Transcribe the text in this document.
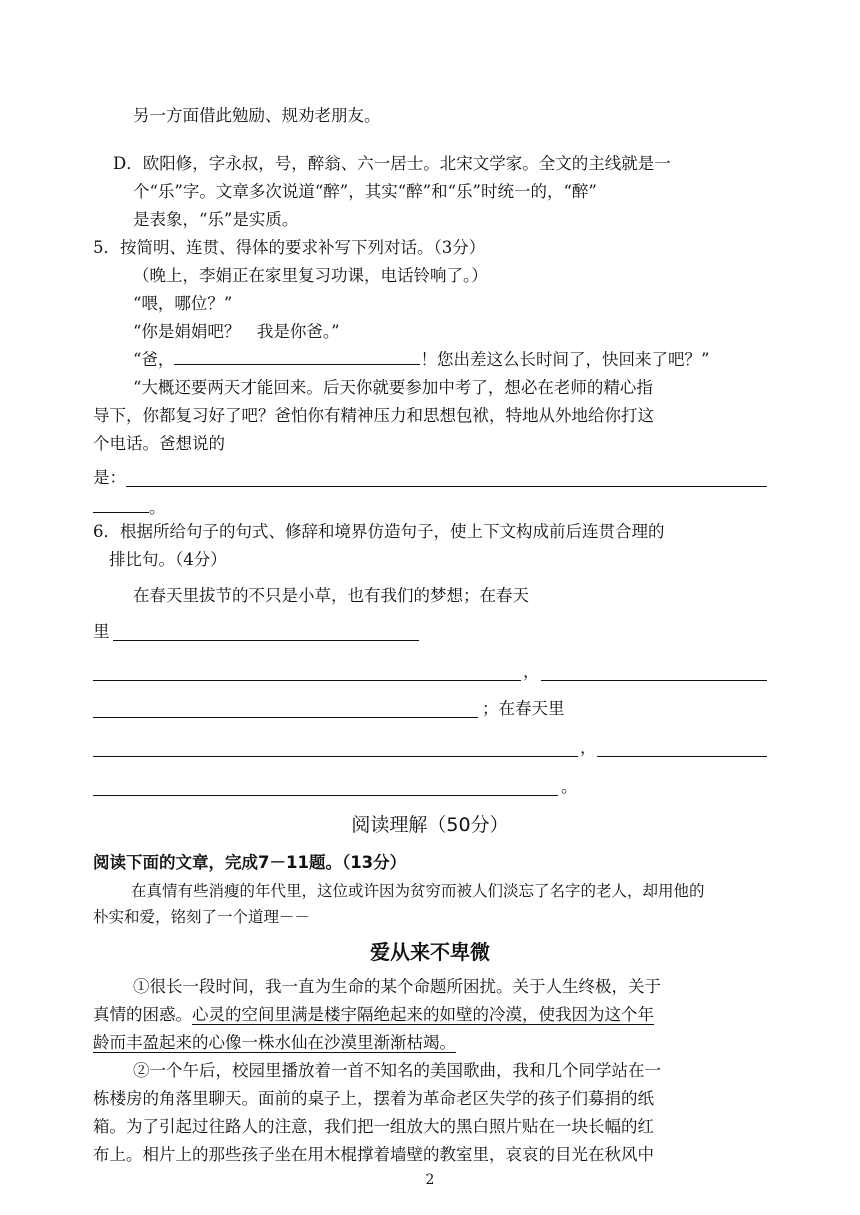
另一方面借此勉励、规劝老朋友。
D．欧阳修，字永叔，号，醉翁、六一居士。北宋文学家。全文的主线就是一
个“乐”字。文章多次说道“醉”，其实“醉”和“乐”时统一的，“醉”
是表象，“乐”是实质。
5．按简明、连贯、得体的要求补写下列对话。（3分）
（晚上，李娟正在家里复习功课，电话铃响了。）
“喂，哪位？”
“你是娟娟吧？　我是你爸。”
“爸，	！您出差这么长时间了，快回来了吧？”
“大概还要两天才能回来。后天你就要参加中考了，想必在老师的精心指
导下，你都复习好了吧？爸怕你有精神压力和思想包袱，特地从外地给你打这
个电话。爸想说的
是：
。
6．根据所给句子的句式、修辞和境界仿造句子，使上下文构成前后连贯合理的
排比句。（4分）
在春天里拔节的不只是小草，也有我们的梦想；在春天
里
，
；在春天里
，
。
阅读理解（50分）
阅读下面的文章，完成7－11题。（13分）
在真情有些消瘦的年代里，这位或许因为贫穷而被人们淡忘了名字的老人，却用他的
朴实和爱，铭刻了一个道理－－
爱从来不卑微
①很长一段时间，我一直为生命的某个命题所困扰。关于人生终极，关于
真情的困惑。心灵的空间里满是楼宇隔绝起来的如壁的冷漠，使我因为这个年
龄而丰盈起来的心像一株水仙在沙漠里渐渐枯竭。
②一个午后，校园里播放着一首不知名的美国歌曲，我和几个同学站在一
栋楼房的角落里聊天。面前的桌子上，摆着为革命老区失学的孩子们募捐的纸
箱。为了引起过往路人的注意，我们把一组放大的黑白照片贴在一块长幅的红
布上。相片上的那些孩子坐在用木棍撑着墙壁的教室里，哀哀的目光在秋风中
2
